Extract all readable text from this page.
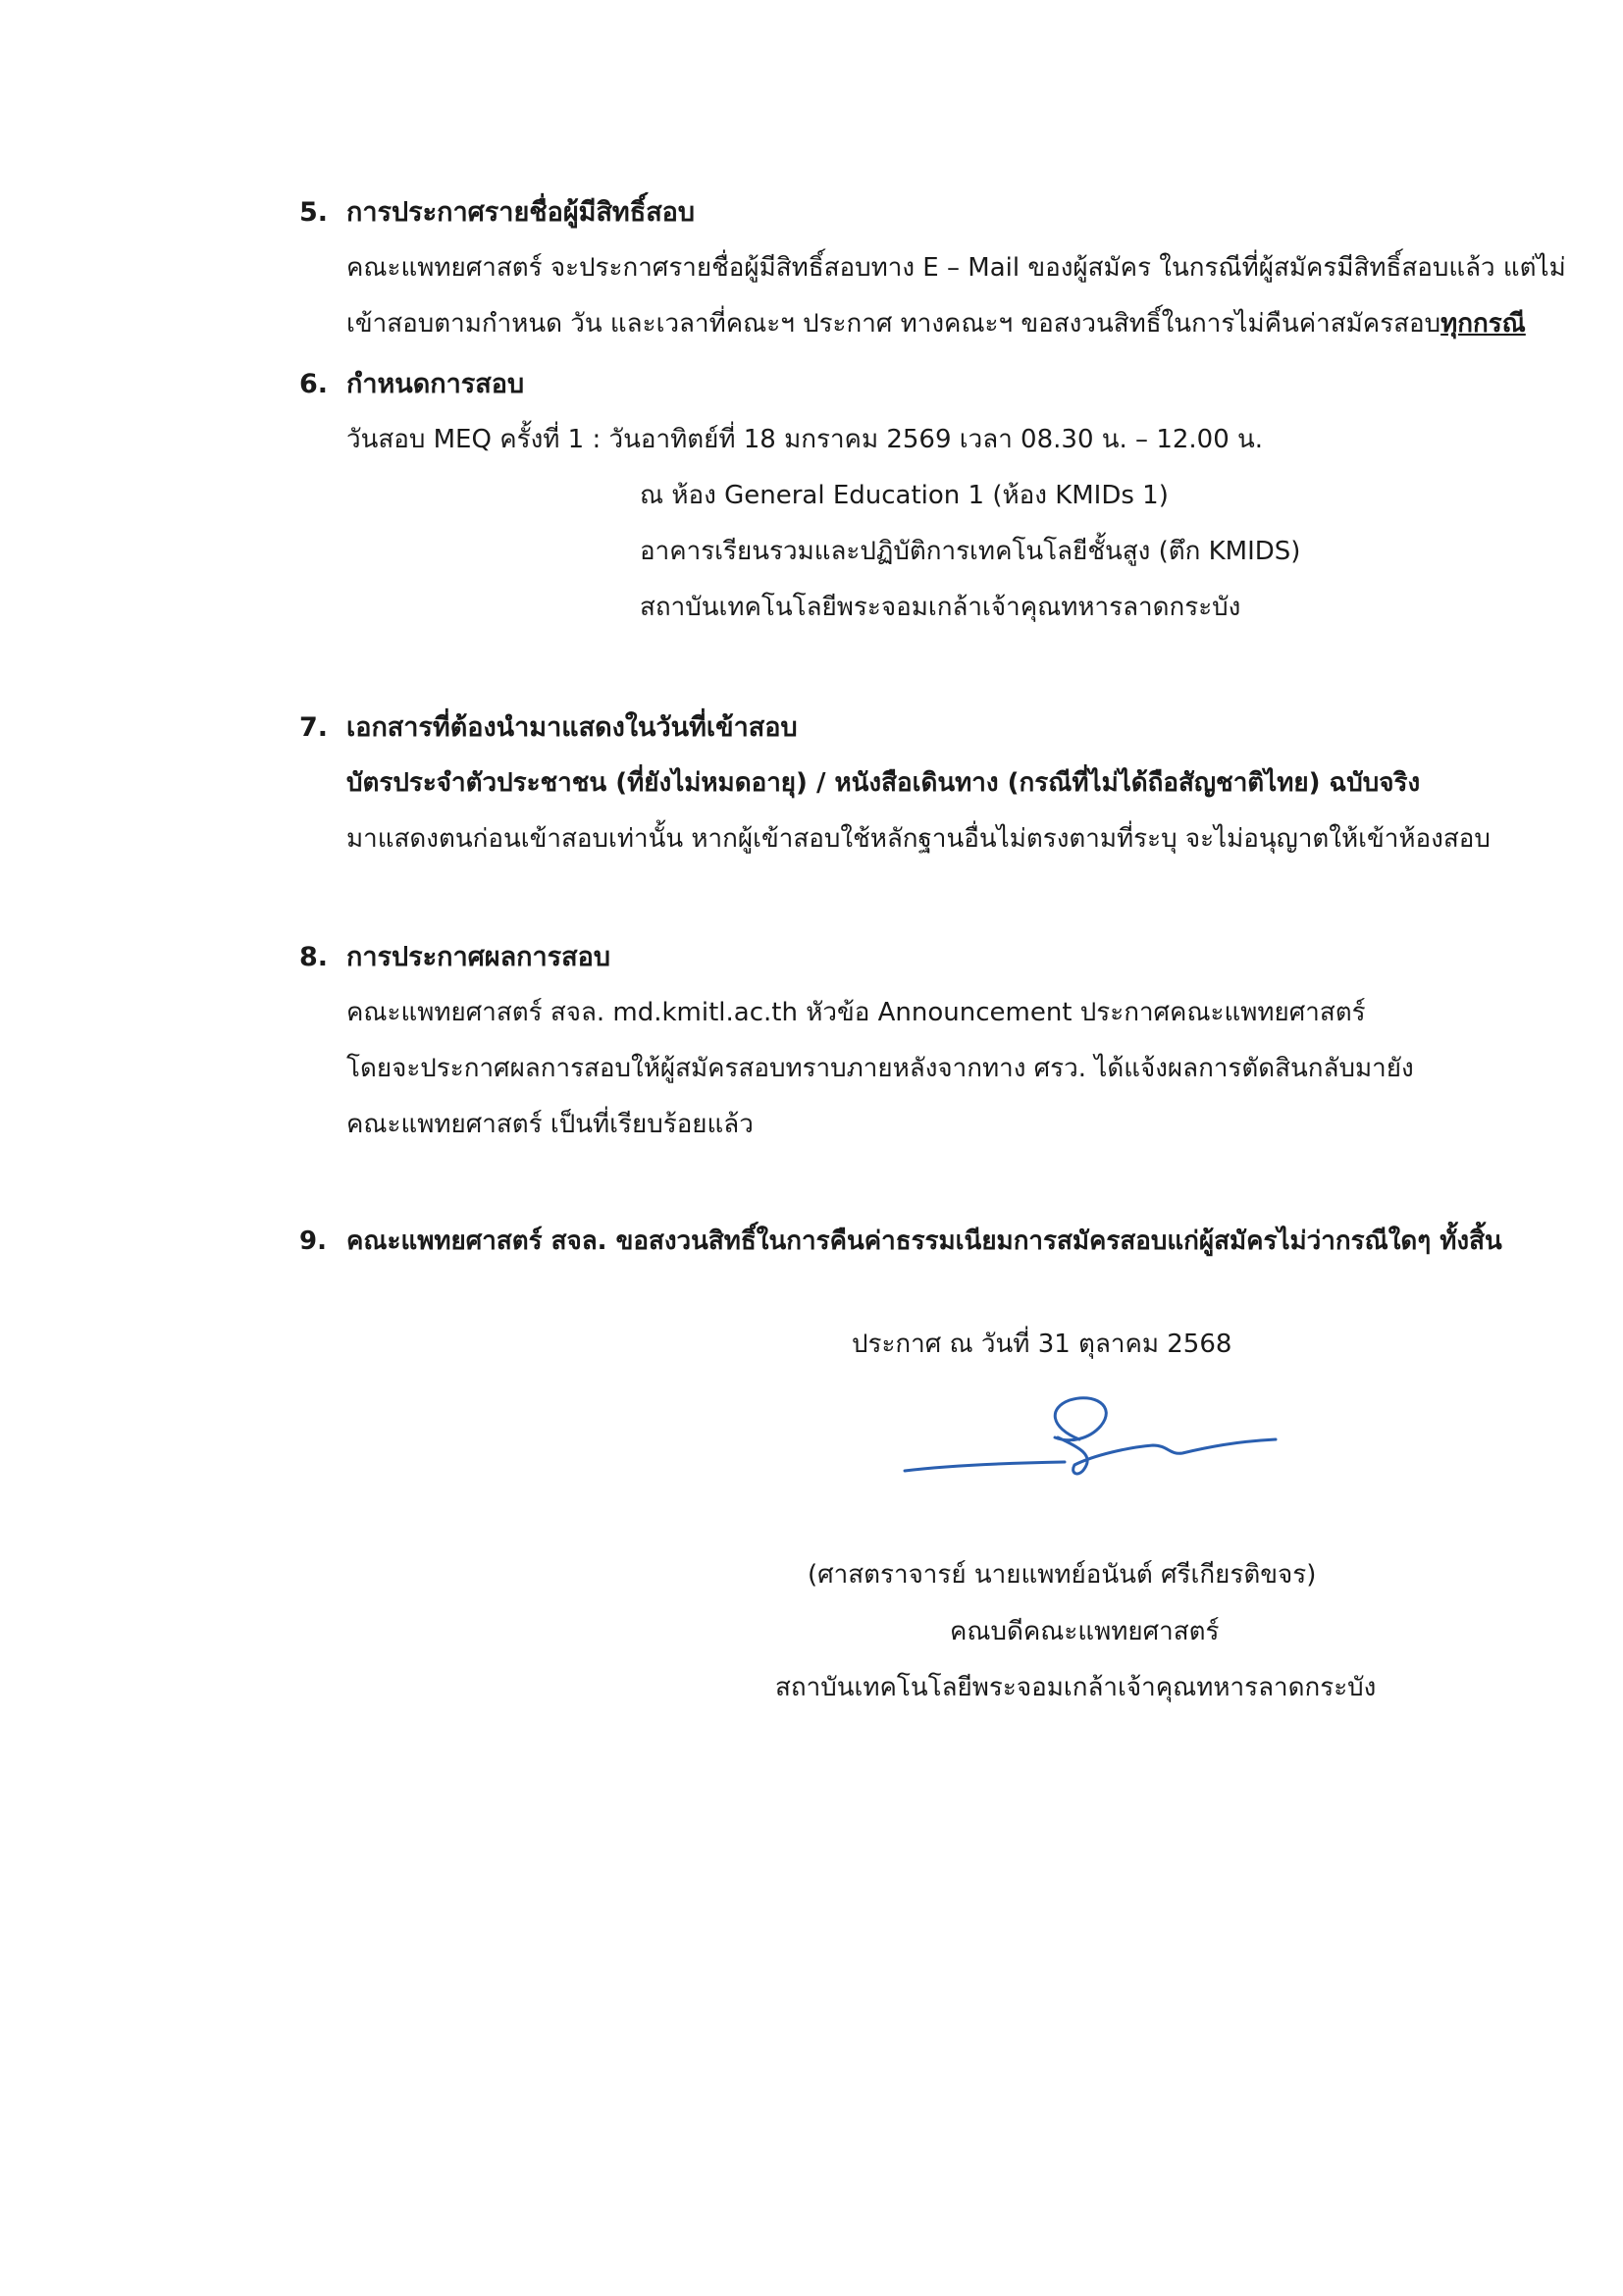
5. การประกาศรายชื่อผู้มีสิทธิ์สอบ
คณะแพทยศาสตร์ จะประกาศรายชื่อผู้มีสิทธิ์สอบทาง E – Mail ของผู้สมัคร ในกรณีที่ผู้สมัครมีสิทธิ์สอบแล้ว แต่ไม่
เข้าสอบตามกำหนด วัน และเวลาที่คณะฯ ประกาศ ทางคณะฯ ขอสงวนสิทธิ์ในการไม่คืนค่าสมัครสอบทุกกรณี
6. กำหนดการสอบ
วันสอบ MEQ ครั้งที่ 1 : วันอาทิตย์ที่ 18 มกราคม 2569 เวลา 08.30 น. – 12.00 น.
ณ ห้อง General Education 1 (ห้อง KMIDs 1)
อาคารเรียนรวมและปฏิบัติการเทคโนโลยีชั้นสูง (ตึก KMIDS)
สถาบันเทคโนโลยีพระจอมเกล้าเจ้าคุณทหารลาดกระบัง
7. เอกสารที่ต้องนำมาแสดงในวันที่เข้าสอบ
บัตรประจำตัวประชาชน (ที่ยังไม่หมดอายุ) / หนังสือเดินทาง (กรณีที่ไม่ได้ถือสัญชาติไทย) ฉบับจริง
มาแสดงตนก่อนเข้าสอบเท่านั้น หากผู้เข้าสอบใช้หลักฐานอื่นไม่ตรงตามที่ระบุ จะไม่อนุญาตให้เข้าห้องสอบ
8. การประกาศผลการสอบ
คณะแพทยศาสตร์ สจล. md.kmitl.ac.th หัวข้อ Announcement ประกาศคณะแพทยศาสตร์
โดยจะประกาศผลการสอบให้ผู้สมัครสอบทราบภายหลังจากทาง ศรว. ได้แจ้งผลการตัดสินกลับมายัง
คณะแพทยศาสตร์ เป็นที่เรียบร้อยแล้ว
9. คณะแพทยศาสตร์ สจล. ขอสงวนสิทธิ์ในการคืนค่าธรรมเนียมการสมัครสอบแก่ผู้สมัครไม่ว่ากรณีใดๆ ทั้งสิ้น
ประกาศ ณ วันที่ 31 ตุลาคม 2568
(ศาสตราจารย์ นายแพทย์อนันต์ ศรีเกียรติขจร)
คณบดีคณะแพทยศาสตร์
สถาบันเทคโนโลยีพระจอมเกล้าเจ้าคุณทหารลาดกระบัง
